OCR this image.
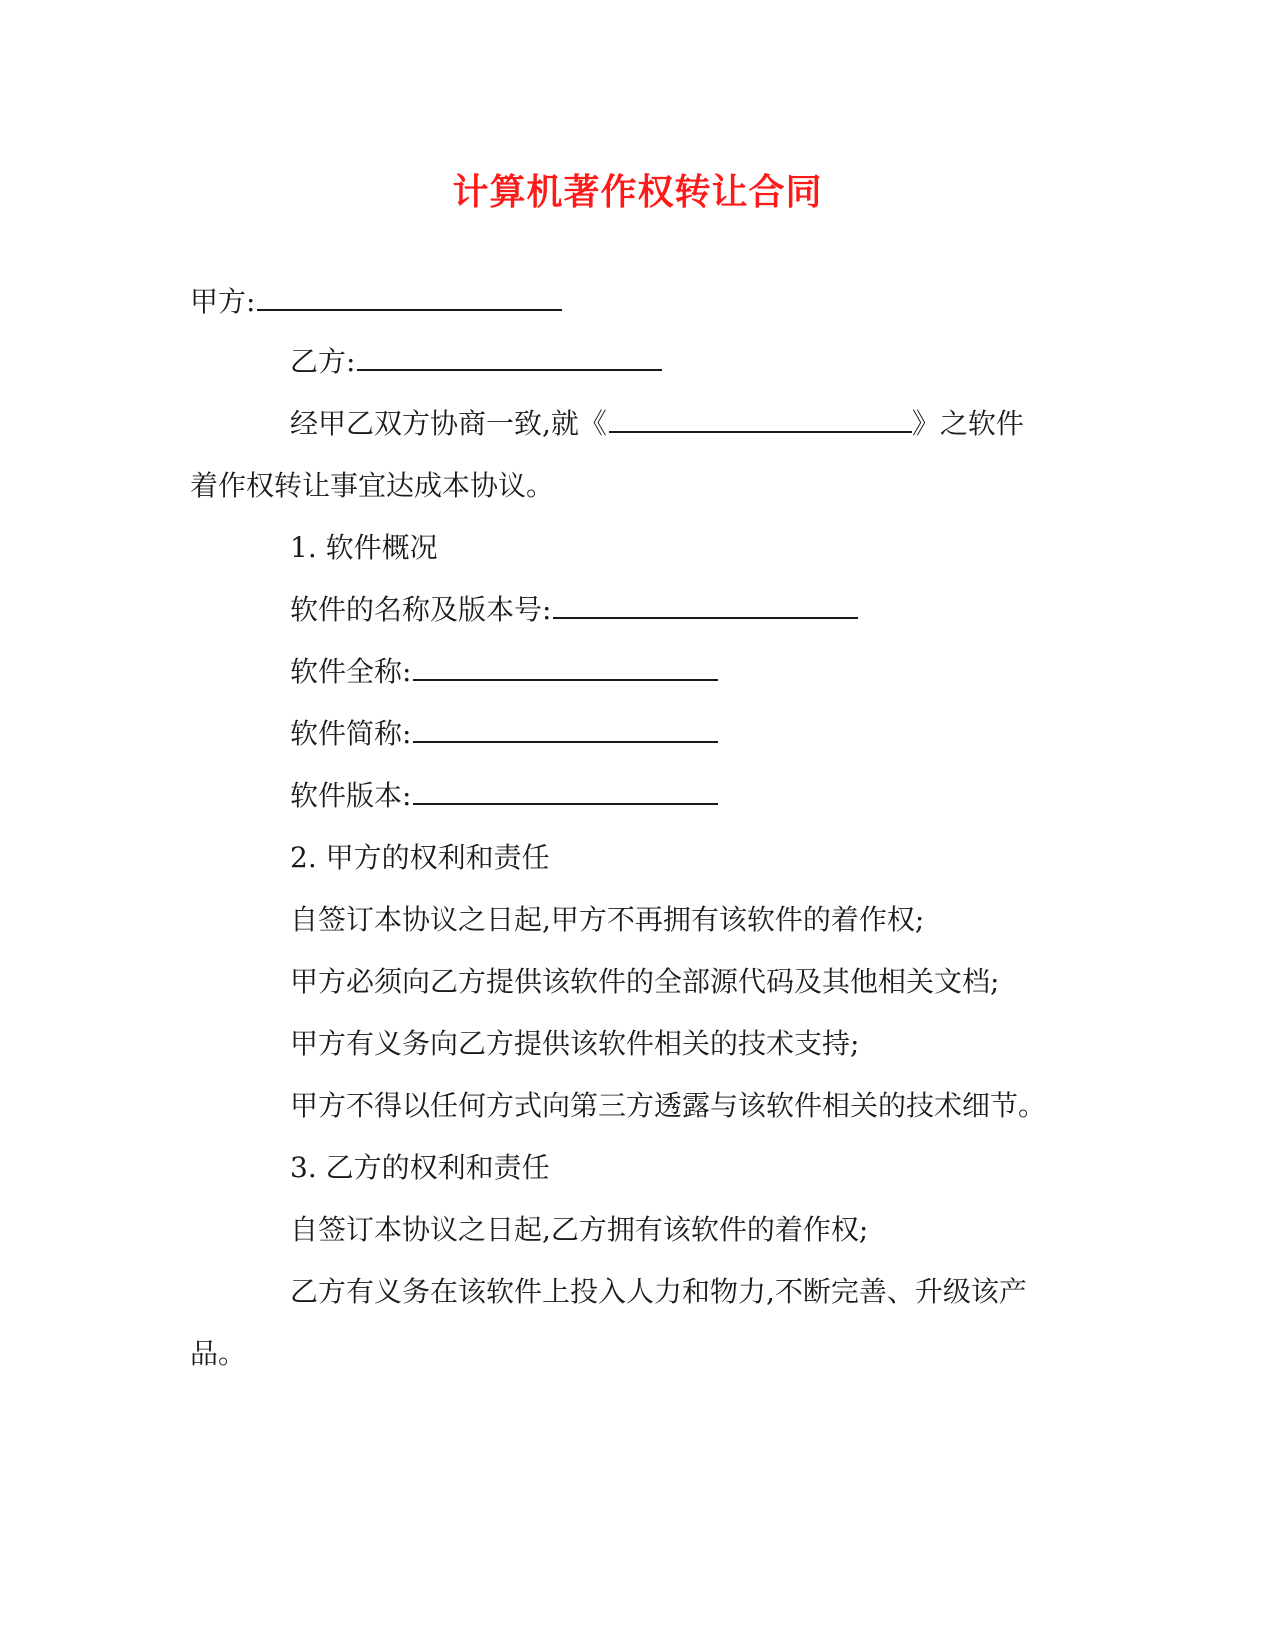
计算机著作权转让合同
甲方:
乙方:
经甲乙双方协商一致,就《	》之软件
着作权转让事宜达成本协议。
1. 软件概况
软件的名称及版本号:
软件全称:
软件简称:
软件版本:
2. 甲方的权利和责任
自签订本协议之日起,甲方不再拥有该软件的着作权;
甲方必须向乙方提供该软件的全部源代码及其他相关文档;
甲方有义务向乙方提供该软件相关的技术支持;
甲方不得以任何方式向第三方透露与该软件相关的技术细节。
3. 乙方的权利和责任
自签订本协议之日起,乙方拥有该软件的着作权;
乙方有义务在该软件上投入人力和物力,不断完善、升级该产
品。
